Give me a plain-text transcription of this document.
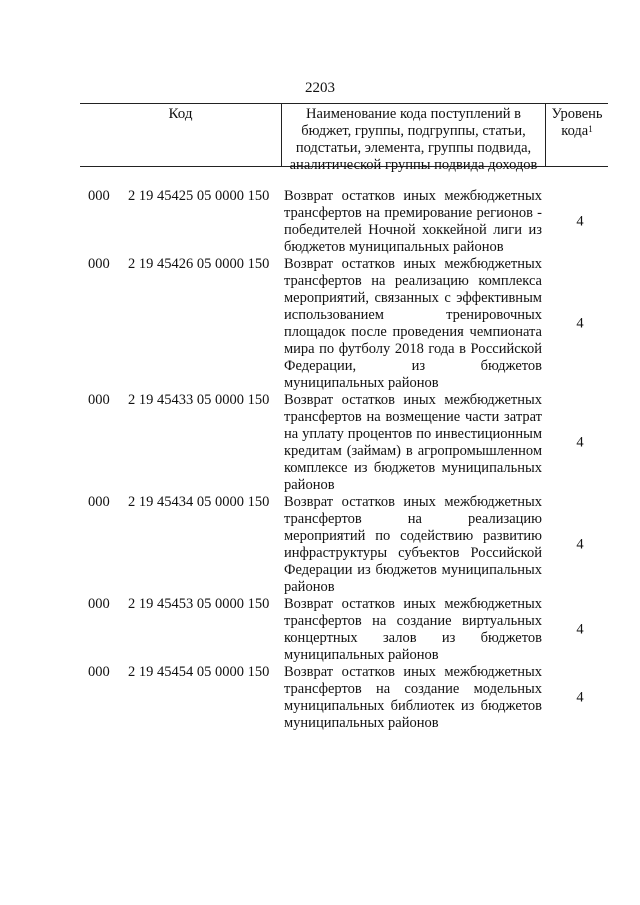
2203
Код	Наименование кода поступлений в бюджет, группы, подгруппы, статьи, подстатьи, элемента, группы подвида, аналитической группы подвида доходов
Уровень кода$^1$
000 2 19 45425 05 0000 150 Возврат остатков иных межбюджетных трансфертов на премирование регионов - победителей Ночной хоккейной лиги из бюджетов муниципальных районов
4
000 2 19 45426 05 0000 150 Возврат остатков иных межбюджетных трансфертов на реализацию комплекса мероприятий, связанных с эффективным использованием тренировочных площадок после проведения чемпионата мира по футболу 2018 года в Российской Федерации, из бюджетов муниципальных районов
4
000 2 19 45433 05 0000 150 Возврат остатков иных межбюджетных трансфертов на возмещение части затрат на уплату процентов по инвестиционным кредитам (займам) в агропромышленном комплексе из бюджетов муниципальных районов
4
000 2 19 45434 05 0000 150 Возврат остатков иных межбюджетных трансфертов на реализацию мероприятий по содействию развитию инфраструктуры субъектов Российской Федерации из бюджетов муниципальных районов
4
000 2 19 45453 05 0000 150 Возврат остатков иных межбюджетных трансфертов на создание виртуальных концертных залов из бюджетов муниципальных районов
4
000 2 19 45454 05 0000 150 Возврат остатков иных межбюджетных трансфертов на создание модельных муниципальных библиотек из бюджетов муниципальных районов
4
